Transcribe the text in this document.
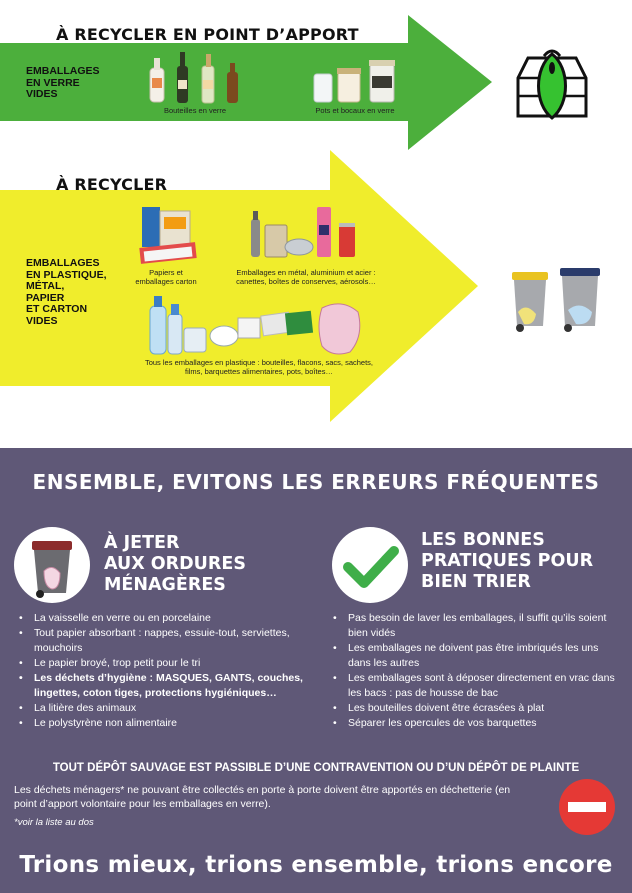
À RECYCLER EN POINT D’APPORT
EMBALLAGES
EN VERRE
VIDES
Bouteilles en verre	Pots et bocaux en verre
À RECYCLER
EMBALLAGES
EN PLASTIQUE,
MÉTAL,
PAPIER
ET CARTON
VIDES
Papiers et
emballages carton
Emballages en métal, aluminium et acier :
canettes, boîtes de conserves, aérosols…
Tous les emballages en plastique : bouteilles, flacons, sacs, sachets,
films, barquettes alimentaires, pots, boîtes…
ENSEMBLE, EVITONS LES ERREURS FRÉQUENTES
À JETER
AUX ORDURES
MÉNAGÈRES
• La vaisselle en verre ou en porcelaine
• Tout papier absorbant : nappes, essuie-tout, serviettes, mouchoirs
• Le papier broyé, trop petit pour le tri
• Les déchets d’hygiène : MASQUES, GANTS, couches, lingettes, coton tiges, protections hygiéniques…
• La litière des animaux
• Le polystyrène non alimentaire
LES BONNES
PRATIQUES POUR
BIEN TRIER
• Pas besoin de laver les emballages, il suffit qu’ils soient bien vidés
• Les emballages ne doivent pas être imbriqués les uns dans les autres
• Les emballages sont à déposer directement en vrac dans les bacs : pas de housse de bac
• Les bouteilles doivent être écrasées à plat
• Séparer les opercules de vos barquettes
TOUT DÉPÔT SAUVAGE EST PASSIBLE D’UNE CONTRAVENTION OU D’UN DÉPÔT DE PLAINTE
Les déchets ménagers* ne pouvant être collectés en porte à porte doivent être apportés en déchetterie (en point d’apport volontaire pour les emballages en verre).
*voir la liste au dos
Trions mieux, trions ensemble, trions encore
